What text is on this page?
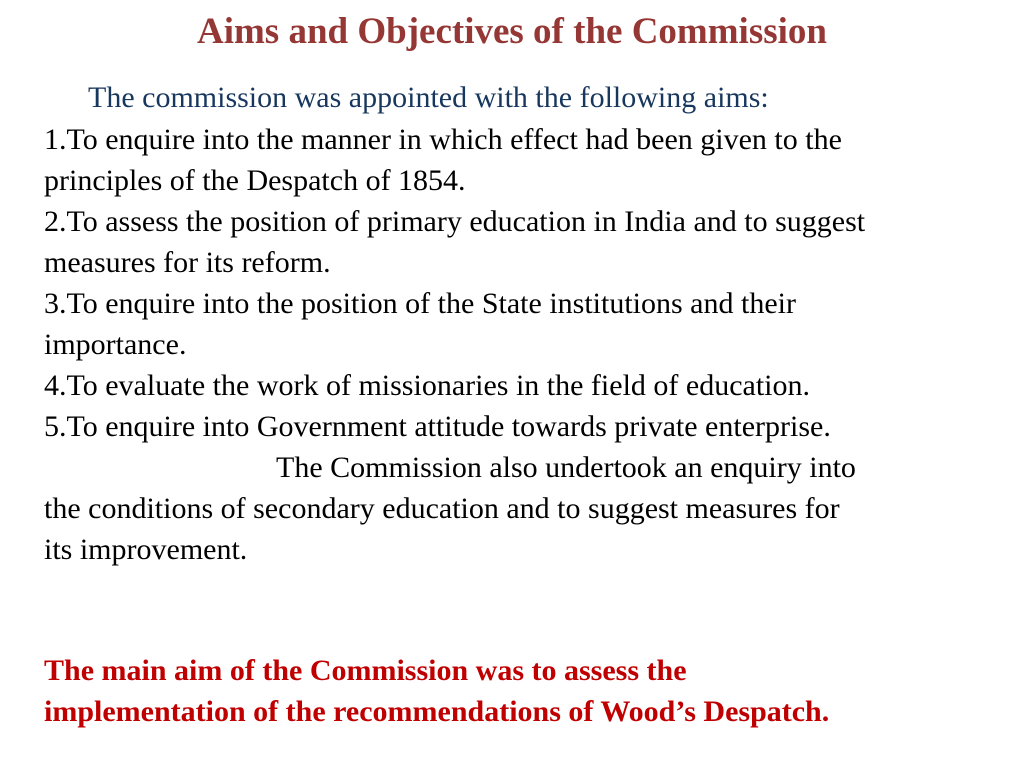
Aims and Objectives of the Commission

The commission was appointed with the following aims:

1.To enquire into the manner in which effect had been given to the
principles of the Despatch of 1854.
2.To assess the position of primary education in India and to suggest
measures for its reform.
3.To enquire into the position of the State institutions and their
importance.
4.To evaluate the work of missionaries in the field of education.
5.To enquire into Government attitude towards private enterprise.
The Commission also undertook an enquiry into
the conditions of secondary education and to suggest measures for
its improvement.
The main aim of the Commission was to assess the
implementation of the recommendations of Wood’s Despatch.
